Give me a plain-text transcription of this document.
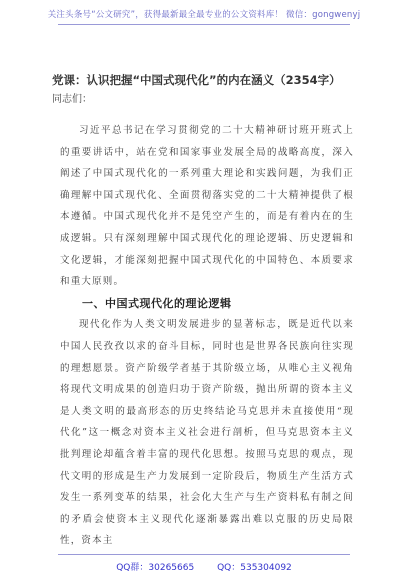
关注头条号“公文研究”，获得最新最全最专业的公文资料库！ 微信：gongwenyj
党课：认识把握“中国式现代化”的内在涵义（2354字）
同志们：

习近平总书记在学习贯彻党的二十大精神研讨班开班式上的重要讲话中，站在党和国家事业发展全局的战略高度，深入阐述了中国式现代化的一系列重大理论和实践问题，为我们正确理解中国式现代化、全面贯彻落实党的二十大精神提供了根本遵循。中国式现代化并不是凭空产生的，而是有着内在的生成逻辑。只有深刻理解中国式现代化的理论逻辑、历史逻辑和文化逻辑，才能深刻把握中国式现代化的中国特色、本质要求和重大原则。

一、中国式现代化的理论逻辑

现代化作为人类文明发展进步的显著标志，既是近代以来中国人民孜孜以求的奋斗目标，同时也是世界各民族向往实现的理想愿景。资产阶级学者基于其阶级立场，从唯心主义视角将现代文明成果的创造归功于资产阶级，抛出所谓的资本主义是人类文明的最高形态的历史终结论马克思并未直接使用“现代化”这一概念对资本主义社会进行剖析，但马克思资本主义批判理论却蕴含着丰富的现代化思想。按照马克思的观点，现代文明的形成是生产力发展到一定阶段后，物质生产生活方式发生一系列变革的结果，社会化大生产与生产资料私有制之间的矛盾会使资本主义现代化逐渐暴露出难以克服的历史局限性，资本主

QQ群：30265665	QQ：535304092
